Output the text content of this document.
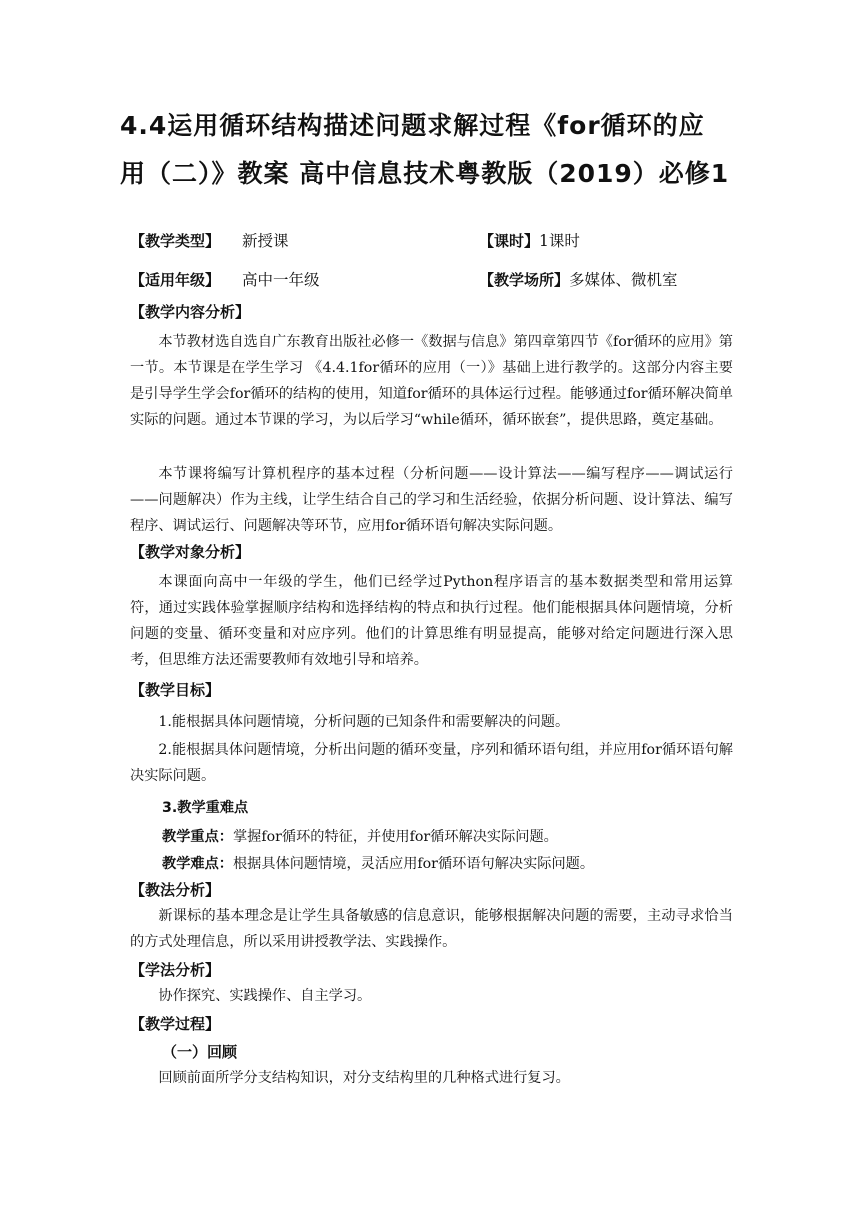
4.4运用循环结构描述问题求解过程《for循环的应
用（二）》教案 高中信息技术粤教版（2019）必修1
【教学类型】 新授课	【课时】1课时
【适用年级】 高中一年级	【教学场所】多媒体、微机室
【教学内容分析】

本节教材选自选自广东教育出版社必修一《数据与信息》第四章第四节《for循环的应用》第一节。本节课是在学生学习 《4.4.1for循环的应用（一）》基础上进行教学的。这部分内容主要是引导学生学会for循环的结构的使用，知道for循环的具体运行过程。能够通过for循环解决简单实际的问题。通过本节课的学习，为以后学习“while循环，循环嵌套”，提供思路，奠定基础。

本节课将编写计算机程序的基本过程（分析问题——设计算法——编写程序——调试运行——问题解决）作为主线，让学生结合自己的学习和生活经验，依据分析问题、设计算法、编写程序、调试运行、问题解决等环节，应用for循环语句解决实际问题。

【教学对象分析】

本课面向高中一年级的学生，他们已经学过Python程序语言的基本数据类型和常用运算符，通过实践体验掌握顺序结构和选择结构的特点和执行过程。他们能根据具体问题情境，分析问题的变量、循环变量和对应序列。他们的计算思维有明显提高，能够对给定问题进行深入思考，但思维方法还需要教师有效地引导和培养。

【教学目标】

1.能根据具体问题情境，分析问题的已知条件和需要解决的问题。

2.能根据具体问题情境，分析出问题的循环变量，序列和循环语句组，并应用for循环语句解决实际问题。

3.教学重难点

教学重点：掌握for循环的特征，并使用for循环解决实际问题。

教学难点：根据具体问题情境，灵活应用for循环语句解决实际问题。

【教法分析】

新课标的基本理念是让学生具备敏感的信息意识，能够根据解决问题的需要，主动寻求恰当的方式处理信息，所以采用讲授教学法、实践操作。

【学法分析】

协作探究、实践操作、自主学习。

【教学过程】

（一）回顾

回顾前面所学分支结构知识，对分支结构里的几种格式进行复习。
